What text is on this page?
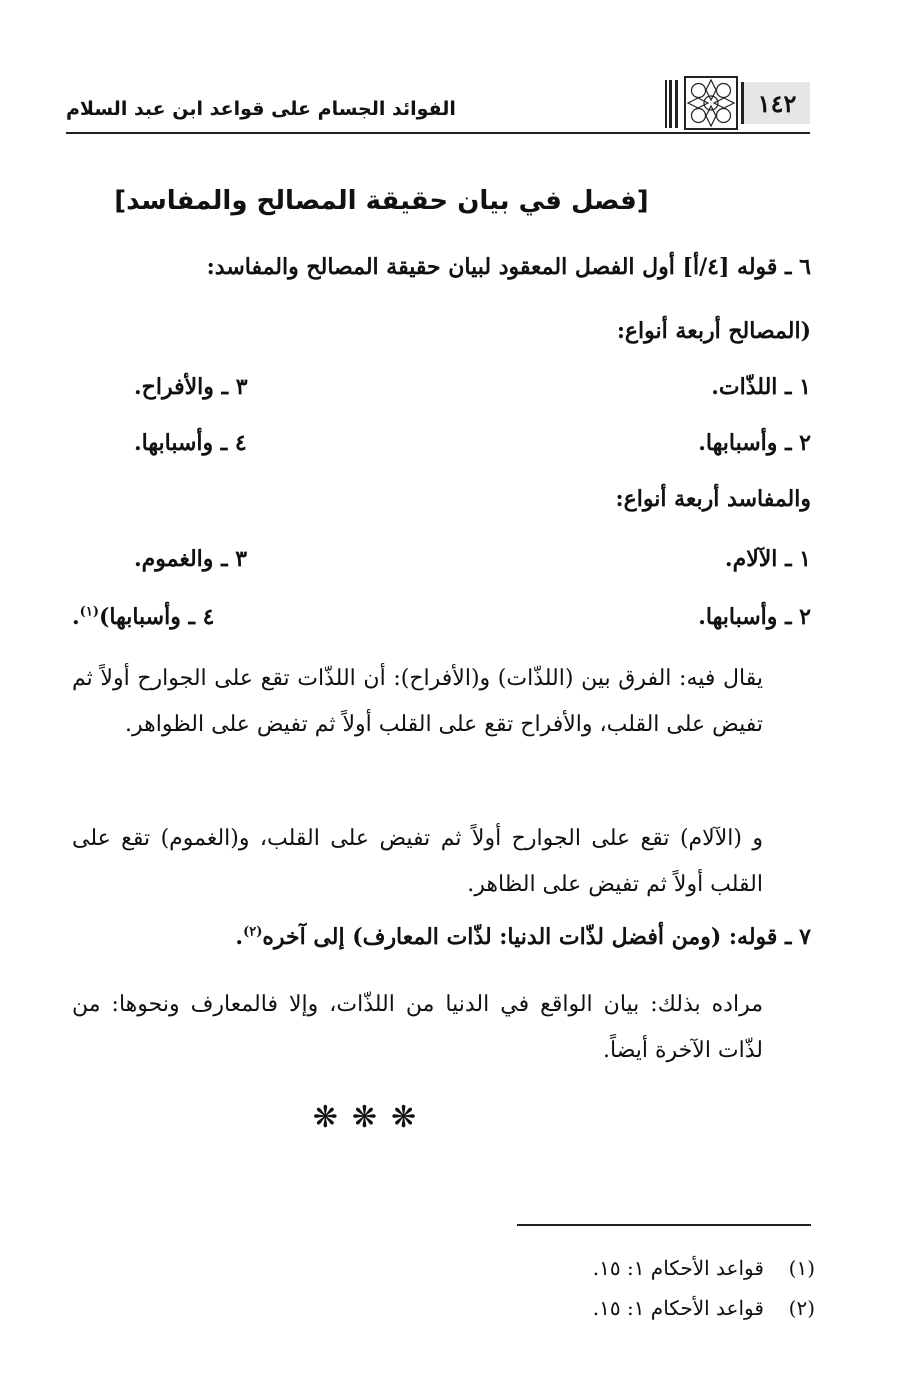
١٤٢
الفوائد الجسام على قواعد ابن عبد السلام
[فصل في بيان حقيقة المصالح والمفاسد]
٦ ـ قوله [٤/أ] أول الفصل المعقود لبيان حقيقة المصالح والمفاسد:
(المصالح أربعة أنواع:
١ ـ اللذّات.
٣ ـ والأفراح.
٢ ـ وأسبابها.
٤ ـ وأسبابها.
والمفاسد أربعة أنواع:
١ ـ الآلام.
٣ ـ والغموم.
٢ ـ وأسبابها.
٤ ـ وأسبابها)$^{(١)}$.
يقال فيه: الفرق بين (اللذّات) و(الأفراح): أن اللذّات تقع على الجوارح أولاً ثم تفيض على القلب، والأفراح تقع على القلب أولاً ثم تفيض على الظواهر.
و (الآلام) تقع على الجوارح أولاً ثم تفيض على القلب، و(الغموم) تقع على القلب أولاً ثم تفيض على الظاهر.
٧ ـ قوله: (ومن أفضل لذّات الدنيا: لذّات المعارف) إلى آخره$^{(٢)}$.
مراده بذلك: بيان الواقع في الدنيا من اللذّات، وإلا فالمعارف ونحوها: من لذّات الآخرة أيضاً.
❋❋❋
(١)  قواعد الأحكام ١: ١٥.
(٢)  قواعد الأحكام ١: ١٥.
